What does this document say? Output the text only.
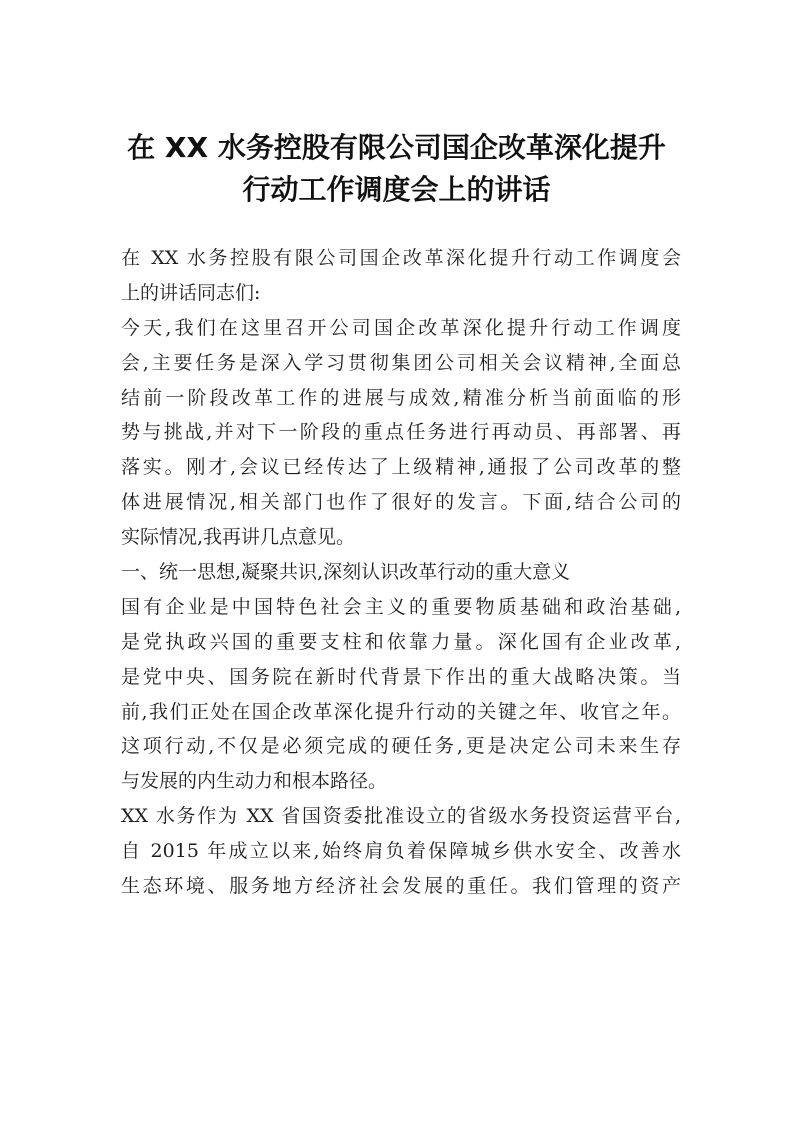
在 XX 水务控股有限公司国企改革深化提升
行动工作调度会上的讲话
在 XX 水务控股有限公司国企改革深化提升行动工作调度会
上的讲话同志们:
今天,我们在这里召开公司国企改革深化提升行动工作调度
会,主要任务是深入学习贯彻集团公司相关会议精神,全面总
结前一阶段改革工作的进展与成效,精准分析当前面临的形
势与挑战,并对下一阶段的重点任务进行再动员、再部署、再
落实。刚才,会议已经传达了上级精神,通报了公司改革的整
体进展情况,相关部门也作了很好的发言。下面,结合公司的
实际情况,我再讲几点意见。
一、统一思想,凝聚共识,深刻认识改革行动的重大意义
国有企业是中国特色社会主义的重要物质基础和政治基础,
是党执政兴国的重要支柱和依靠力量。深化国有企业改革,
是党中央、国务院在新时代背景下作出的重大战略决策。当
前,我们正处在国企改革深化提升行动的关键之年、收官之年。
这项行动,不仅是必须完成的硬任务,更是决定公司未来生存
与发展的内生动力和根本路径。
XX 水务作为 XX 省国资委批准设立的省级水务投资运营平台,
自 2015 年成立以来,始终肩负着保障城乡供水安全、改善水
生态环境、服务地方经济社会发展的重任。我们管理的资产
